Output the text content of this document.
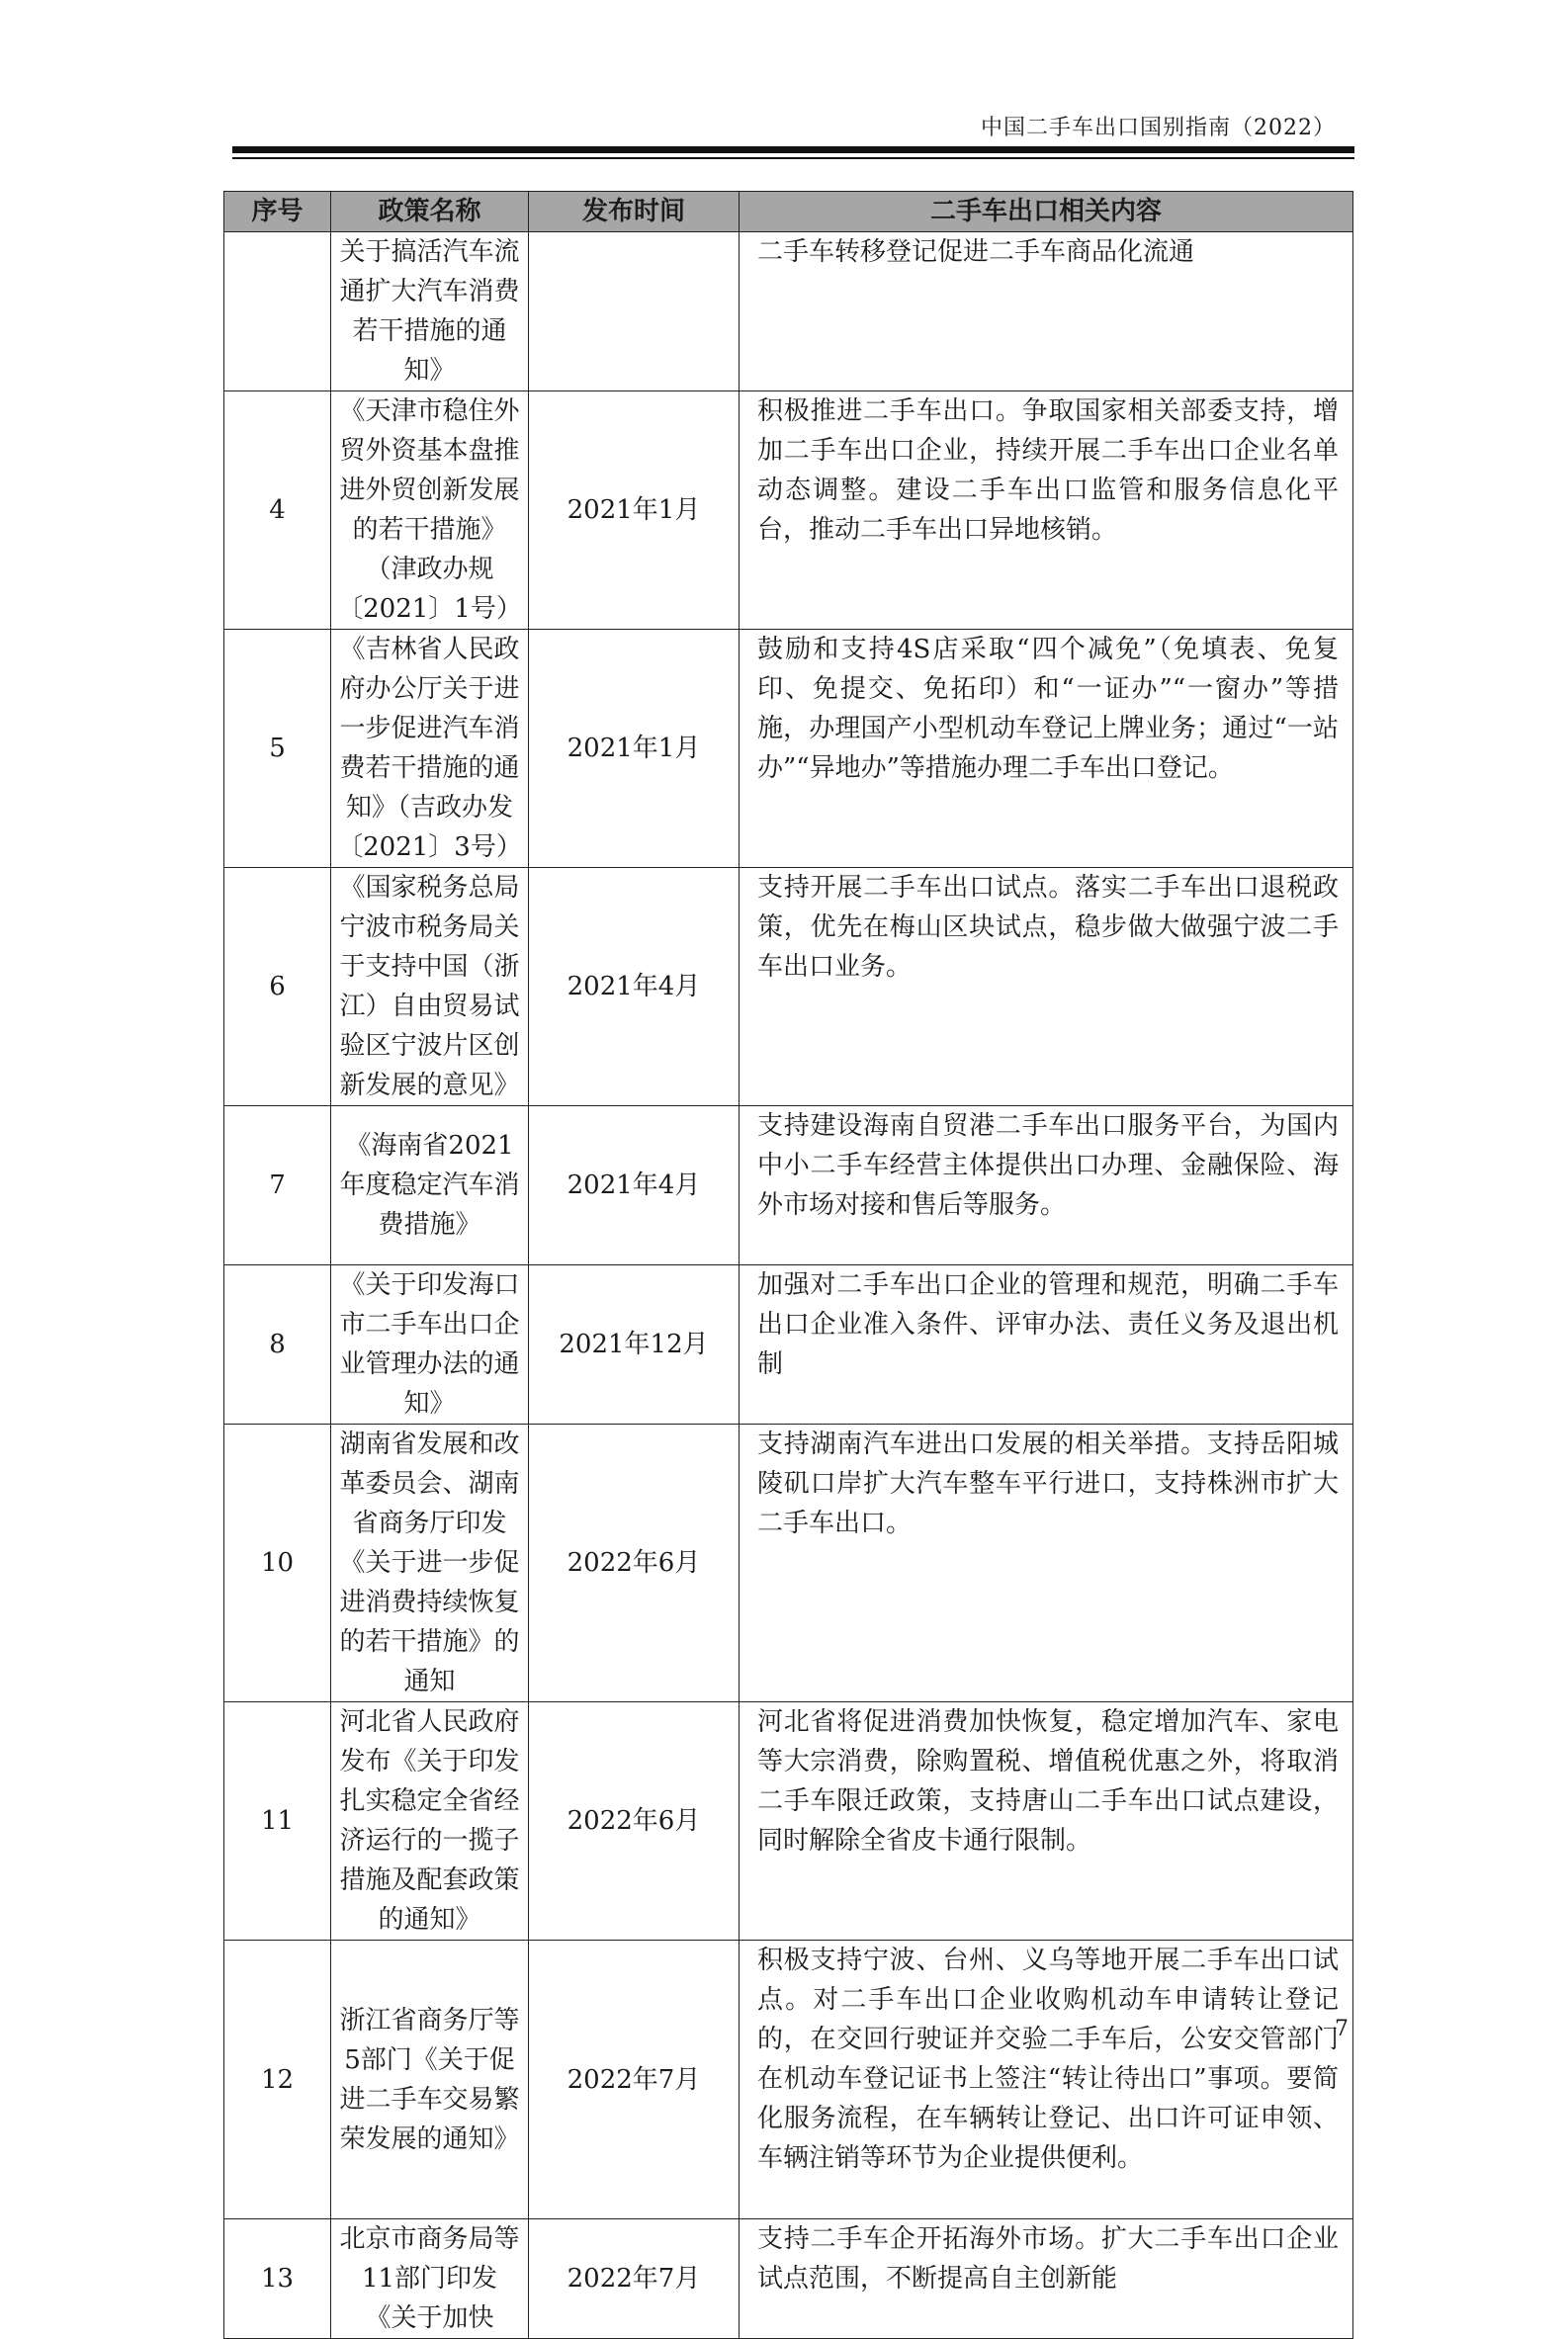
中国二手车出口国别指南（2022）
序号	政策名称	发布时间	二手车出口相关内容
	关于搞活汽车流通扩大汽车消费若干措施的通知》		二手车转移登记促进二手车商品化流通
4	《天津市稳住外贸外资基本盘推进外贸创新发展的若干措施》（津政办规〔2021〕1号）	2021年1月	积极推进二手车出口。争取国家相关部委支持，增加二手车出口企业，持续开展二手车出口企业名单动态调整。建设二手车出口监管和服务信息化平台，推动二手车出口异地核销。
5	《吉林省人民政府办公厅关于进一步促进汽车消费若干措施的通知》（吉政办发〔2021〕3号）	2021年1月	鼓励和支持4S店采取“四个减免”（免填表、免复印、免提交、免拓印）和“一证办”“一窗办”等措施，办理国产小型机动车登记上牌业务；通过“一站办”“异地办”等措施办理二手车出口登记。
6	《国家税务总局宁波市税务局关于支持中国（浙江）自由贸易试验区宁波片区创新发展的意见》	2021年4月	支持开展二手车出口试点。落实二手车出口退税政策，优先在梅山区块试点，稳步做大做强宁波二手车出口业务。
7	《海南省2021年度稳定汽车消费措施》	2021年4月	支持建设海南自贸港二手车出口服务平台，为国内中小二手车经营主体提供出口办理、金融保险、海外市场对接和售后等服务。
8	《关于印发海口市二手车出口企业管理办法的通知》	2021年12月	加强对二手车出口企业的管理和规范，明确二手车出口企业准入条件、评审办法、责任义务及退出机制
10	湖南省发展和改革委员会、湖南省商务厅印发《关于进一步促进消费持续恢复的若干措施》的通知	2022年6月	支持湖南汽车进出口发展的相关举措。支持岳阳城陵矶口岸扩大汽车整车平行进口，支持株洲市扩大二手车出口。
11	河北省人民政府发布《关于印发扎实稳定全省经济运行的一揽子措施及配套政策的通知》	2022年6月	河北省将促进消费加快恢复，稳定增加汽车、家电等大宗消费，除购置税、增值税优惠之外，将取消二手车限迁政策，支持唐山二手车出口试点建设，同时解除全省皮卡通行限制。
12	浙江省商务厅等5部门《关于促进二手车交易繁荣发展的通知》	2022年7月	积极支持宁波、台州、义乌等地开展二手车出口试点。对二手车出口企业收购机动车申请转让登记的，在交回行驶证并交验二手车后，公安交管部门在机动车登记证书上签注“转让待出口”事项。要简化服务流程，在车辆转让登记、出口许可证申领、车辆注销等环节为企业提供便利。
13	北京市商务局等11部门印发《关于加快	2022年7月	支持二手车企开拓海外市场。扩大二手车出口企业试点范围，不断提高自主创新能
7
